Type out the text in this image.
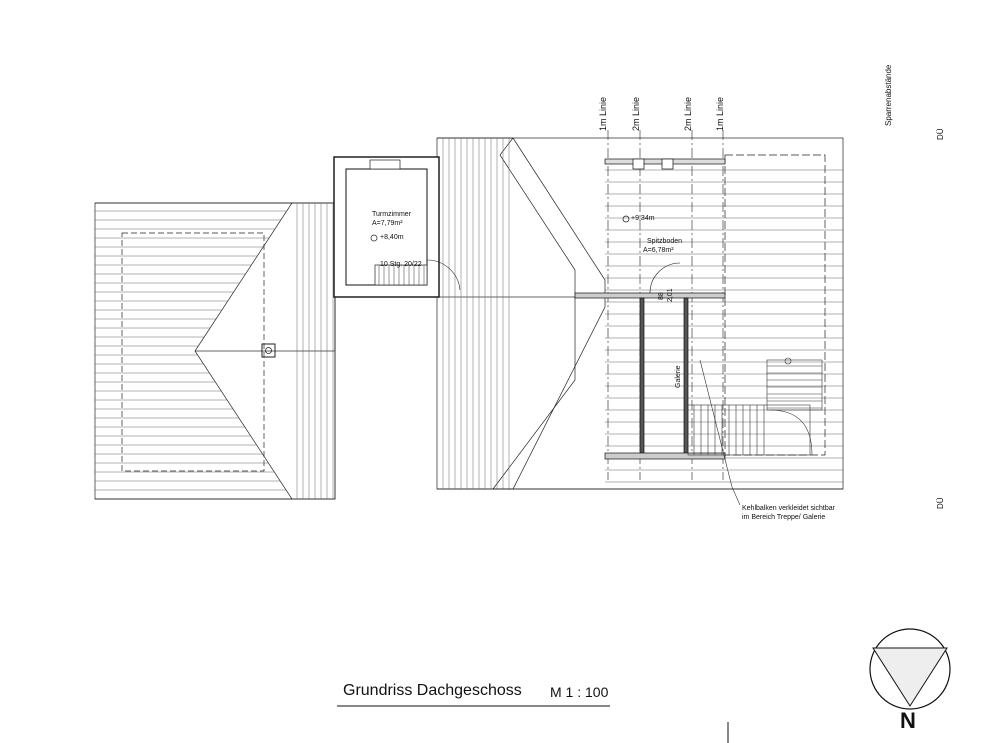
1m Linie	2m Linie	2m Linie 1m Linie	Sparrenabstände
DÜ
DÜ
Turmzimmer
A=7,79m²
+8,40m
10 Stg. 20/22
+9,34m
Spitzboden
A=6,78m²
88 2,01
Galerie
Kehlbalken verkleidet sichtbar
im Bereich Treppe/ Galerie
Grundriss Dachgeschoss M 1 : 100
N
